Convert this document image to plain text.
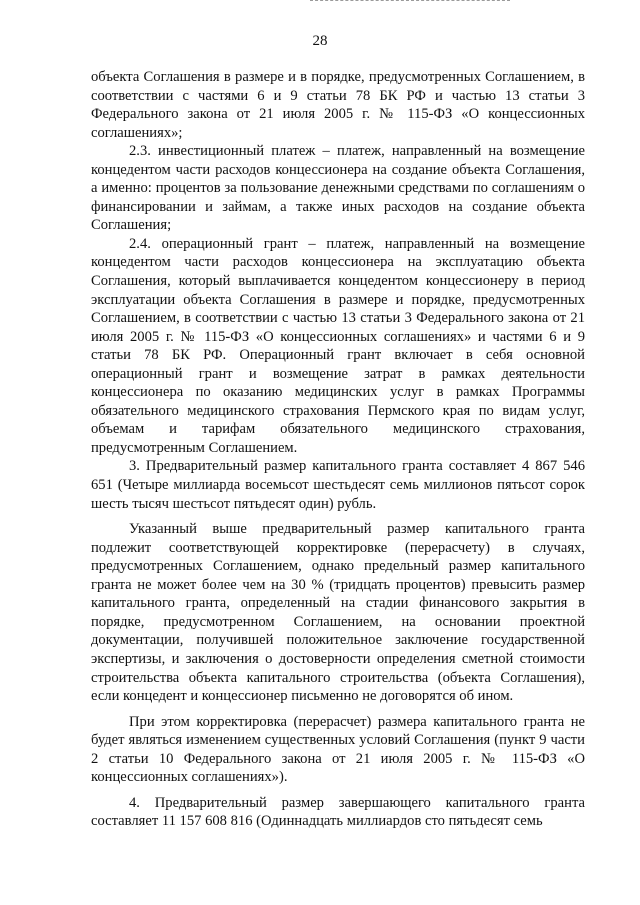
28

объекта Соглашения в размере и в порядке, предусмотренных Соглашением, в соответствии с частями 6 и 9 статьи 78 БК РФ и частью 13 статьи 3 Федерального закона от 21 июля 2005 г. № 115-ФЗ «О концессионных соглашениях»;

2.3. инвестиционный платеж – платеж, направленный на возмещение концедентом части расходов концессионера на создание объекта Соглашения, а именно: процентов за пользование денежными средствами по соглашениям о финансировании и займам, а также иных расходов на создание объекта Соглашения;

2.4. операционный грант – платеж, направленный на возмещение концедентом части расходов концессионера на эксплуатацию объекта Соглашения, который выплачивается концедентом концессионеру в период эксплуатации объекта Соглашения в размере и порядке, предусмотренных Соглашением, в соответствии с частью 13 статьи 3 Федерального закона от 21 июля 2005 г. № 115-ФЗ «О концессионных соглашениях» и частями 6 и 9 статьи 78 БК РФ. Операционный грант включает в себя основной операционный грант и возмещение затрат в рамках деятельности концессионера по оказанию медицинских услуг в рамках Программы обязательного медицинского страхования Пермского края по видам услуг, объемам и тарифам обязательного медицинского страхования, предусмотренным Соглашением.

3. Предварительный размер капитального гранта составляет 4 867 546 651 (Четыре миллиарда восемьсот шестьдесят семь миллионов пятьсот сорок шесть тысяч шестьсот пятьдесят один) рубль.

Указанный выше предварительный размер капитального гранта подлежит соответствующей корректировке (перерасчету) в случаях, предусмотренных Соглашением, однако предельный размер капитального гранта не может более чем на 30 % (тридцать процентов) превысить размер капитального гранта, определенный на стадии финансового закрытия в порядке, предусмотренном Соглашением, на основании проектной документации, получившей положительное заключение государственной экспертизы, и заключения о достоверности определения сметной стоимости строительства объекта капитального строительства (объекта Соглашения), если концедент и концессионер письменно не договорятся об ином.

При этом корректировка (перерасчет) размера капитального гранта не будет являться изменением существенных условий Соглашения (пункт 9 части 2 статьи 10 Федерального закона от 21 июля 2005 г. № 115-ФЗ «О концессионных соглашениях»).

4. Предварительный размер завершающего капитального гранта составляет 11 157 608 816 (Одиннадцать миллиардов сто пятьдесят семь
